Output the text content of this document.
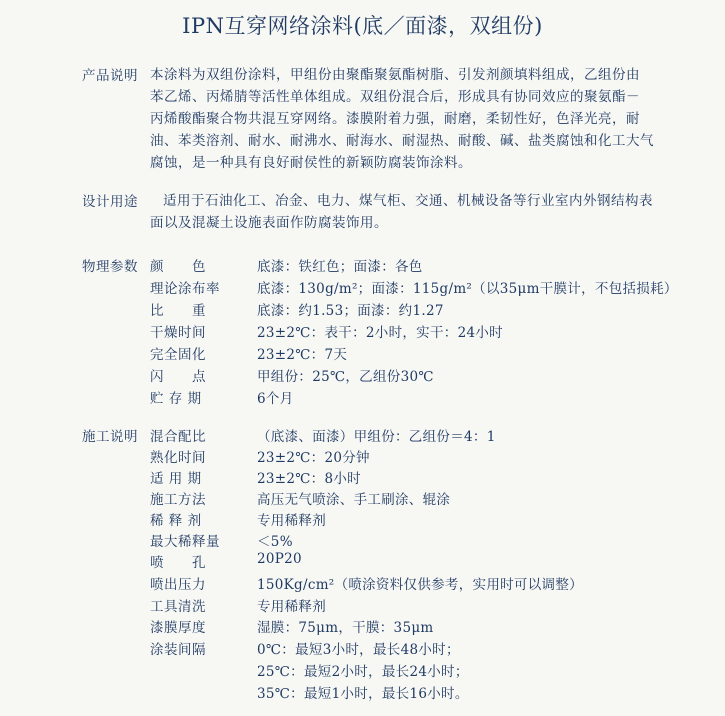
IPN互穿网络涂料(底／面漆，双组份)
产品说明 本涂料为双组份涂料，甲组份由聚酯聚氨酯树脂、引发剂颜填料组成，乙组份由
苯乙烯、丙烯腈等活性单体组成。双组份混合后，形成具有协同效应的聚氨酯－
丙烯酸酯聚合物共混互穿网络。漆膜附着力强，耐磨，柔韧性好，色泽光亮，耐
油、苯类溶剂、耐水、耐沸水、耐海水、耐湿热、耐酸、碱、盐类腐蚀和化工大气
腐蚀，是一种具有良好耐侯性的新颖防腐装饰涂料。
设计用途 适用于石油化工、冶金、电力、煤气柜、交通、机械设备等行业室内外钢结构表
面以及混凝土设施表面作防腐装饰用。
物理参数 颜　　色	底漆：铁红色；面漆：各色
理论涂布率	底漆：130g/m²；面漆：115g/m²（以35μm干膜计，不包括损耗）
比　　重	底漆：约1.53；面漆：约1.27
干燥时间	23±2℃：表干：2小时，实干：24小时
完全固化	23±2℃：7天
闪　　点	甲组份：25℃，乙组份30℃
贮 存 期	6个月
施工说明 混合配比	（底漆、面漆）甲组份：乙组份＝4：1
熟化时间	23±2℃：20分钟
适 用 期	23±2℃：8小时
施工方法	高压无气喷涂、手工刷涂、辊涂
稀 释 剂	专用稀释剂
最大稀释量	＜5%
喷　　孔	20P20
喷出压力	150Kg/cm²（喷涂资料仅供参考，实用时可以调整）
工具清洗	专用稀释剂
漆膜厚度	湿膜：75μm，干膜：35μm
涂装间隔	0℃：最短3小时，最长48小时；
25℃：最短2小时，最长24小时；
35℃：最短1小时，最长16小时。
